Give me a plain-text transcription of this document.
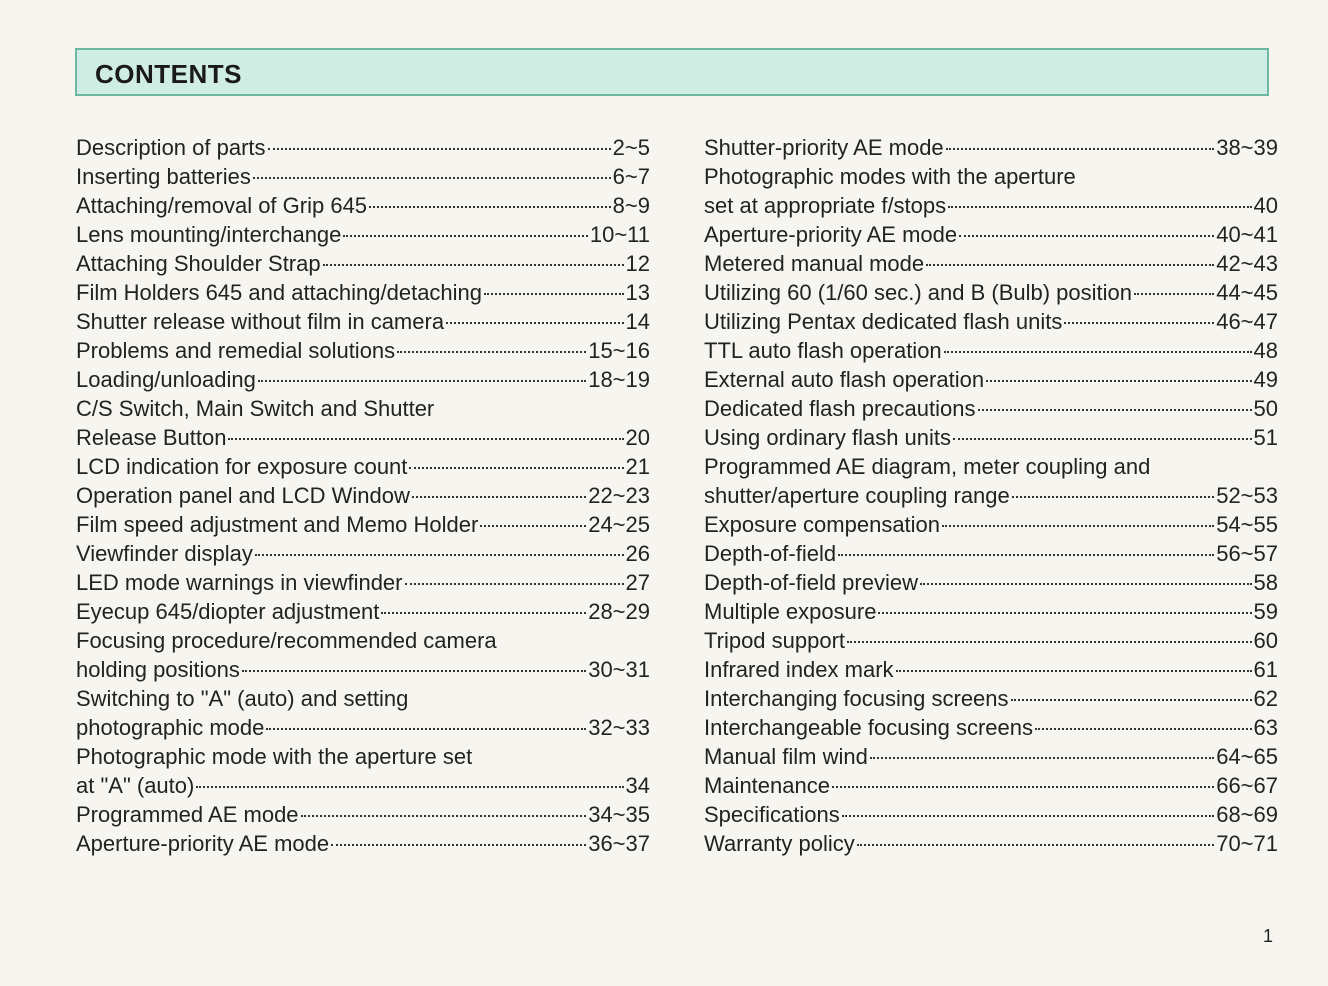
CONTENTS
Description of parts	2~5
Inserting batteries	6~7
Attaching/removal of Grip 645	8~9
Lens mounting/interchange	10~11
Attaching Shoulder Strap	12
Film Holders 645 and attaching/detaching	13
Shutter release without film in camera	14
Problems and remedial solutions	15~16
Loading/unloading	18~19
C/S Switch, Main Switch and Shutter
Release Button	20
LCD indication for exposure count	21
Operation panel and LCD Window	22~23
Film speed adjustment and Memo Holder	24~25
Viewfinder display	26
LED mode warnings in viewfinder	27
Eyecup 645/diopter adjustment	28~29
Focusing procedure/recommended camera
holding positions	30~31
Switching to "A" (auto) and setting
photographic mode	32~33
Photographic mode with the aperture set
at "A" (auto)	34
Programmed AE mode	34~35
Aperture-priority AE mode	36~37
Shutter-priority AE mode	38~39
Photographic modes with the aperture
set at appropriate f/stops	40
Aperture-priority AE mode	40~41
Metered manual mode	42~43
Utilizing 60 (1/60 sec.) and B (Bulb) position	44~45
Utilizing Pentax dedicated flash units	46~47
TTL auto flash operation	48
External auto flash operation	49
Dedicated flash precautions	50
Using ordinary flash units	51
Programmed AE diagram, meter coupling and
shutter/aperture coupling range	52~53
Exposure compensation	54~55
Depth-of-field	56~57
Depth-of-field preview	58
Multiple exposure	59
Tripod support	60
Infrared index mark	61
Interchanging focusing screens	62
Interchangeable focusing screens	63
Manual film wind	64~65
Maintenance	66~67
Specifications	68~69
Warranty policy	70~71
1
